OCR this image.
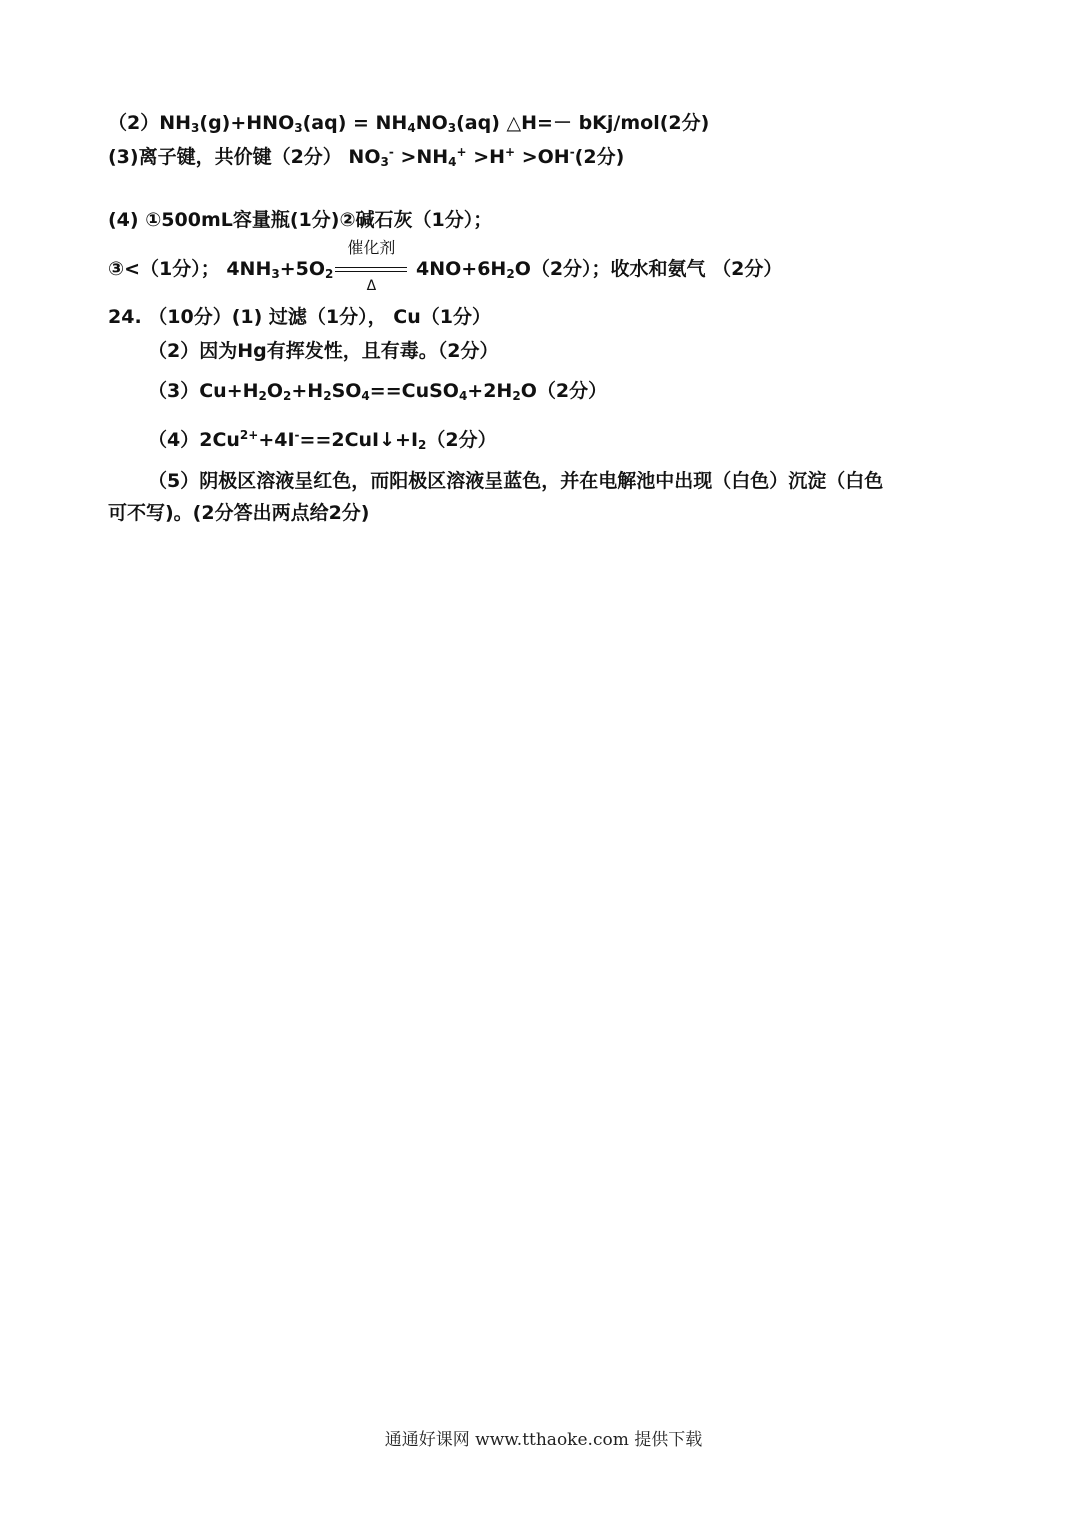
$(2)NH_3(g)+HNO_3(aq) = NH_4NO_3(aq)$ △H=－ bKj/mol(2分)
(3)离子键，共价键（2分） $NO_3^- >NH_4^+ >H^+ >OH^-(2$分)
(4) ①500mL容量瓶(1分)②碱石灰（1分）；
③<（1分）； $4NH_3+5O_2$
催化剂
Δ
$4NO+6H_2O(2$分）；收水和氨气 （2分）
24. （10分）(1) 过滤（1分）， Cu（1分）
（2）因为Hg有挥发性，且有毒。（2分）
$(3)Cu+H_2O_2+H_2SO_4==CuSO_4+2H_2O(2$分）
$(4)2Cu^{2+}+4I^-==2CuI↓+I_2(2$分）
（5）阴极区溶液呈红色，而阳极区溶液呈蓝色，并在电解池中出现（白色）沉淀（白色
可不写)。(2分答出两点给2分)
通通好课网 www.tthaoke.com 提供下载
